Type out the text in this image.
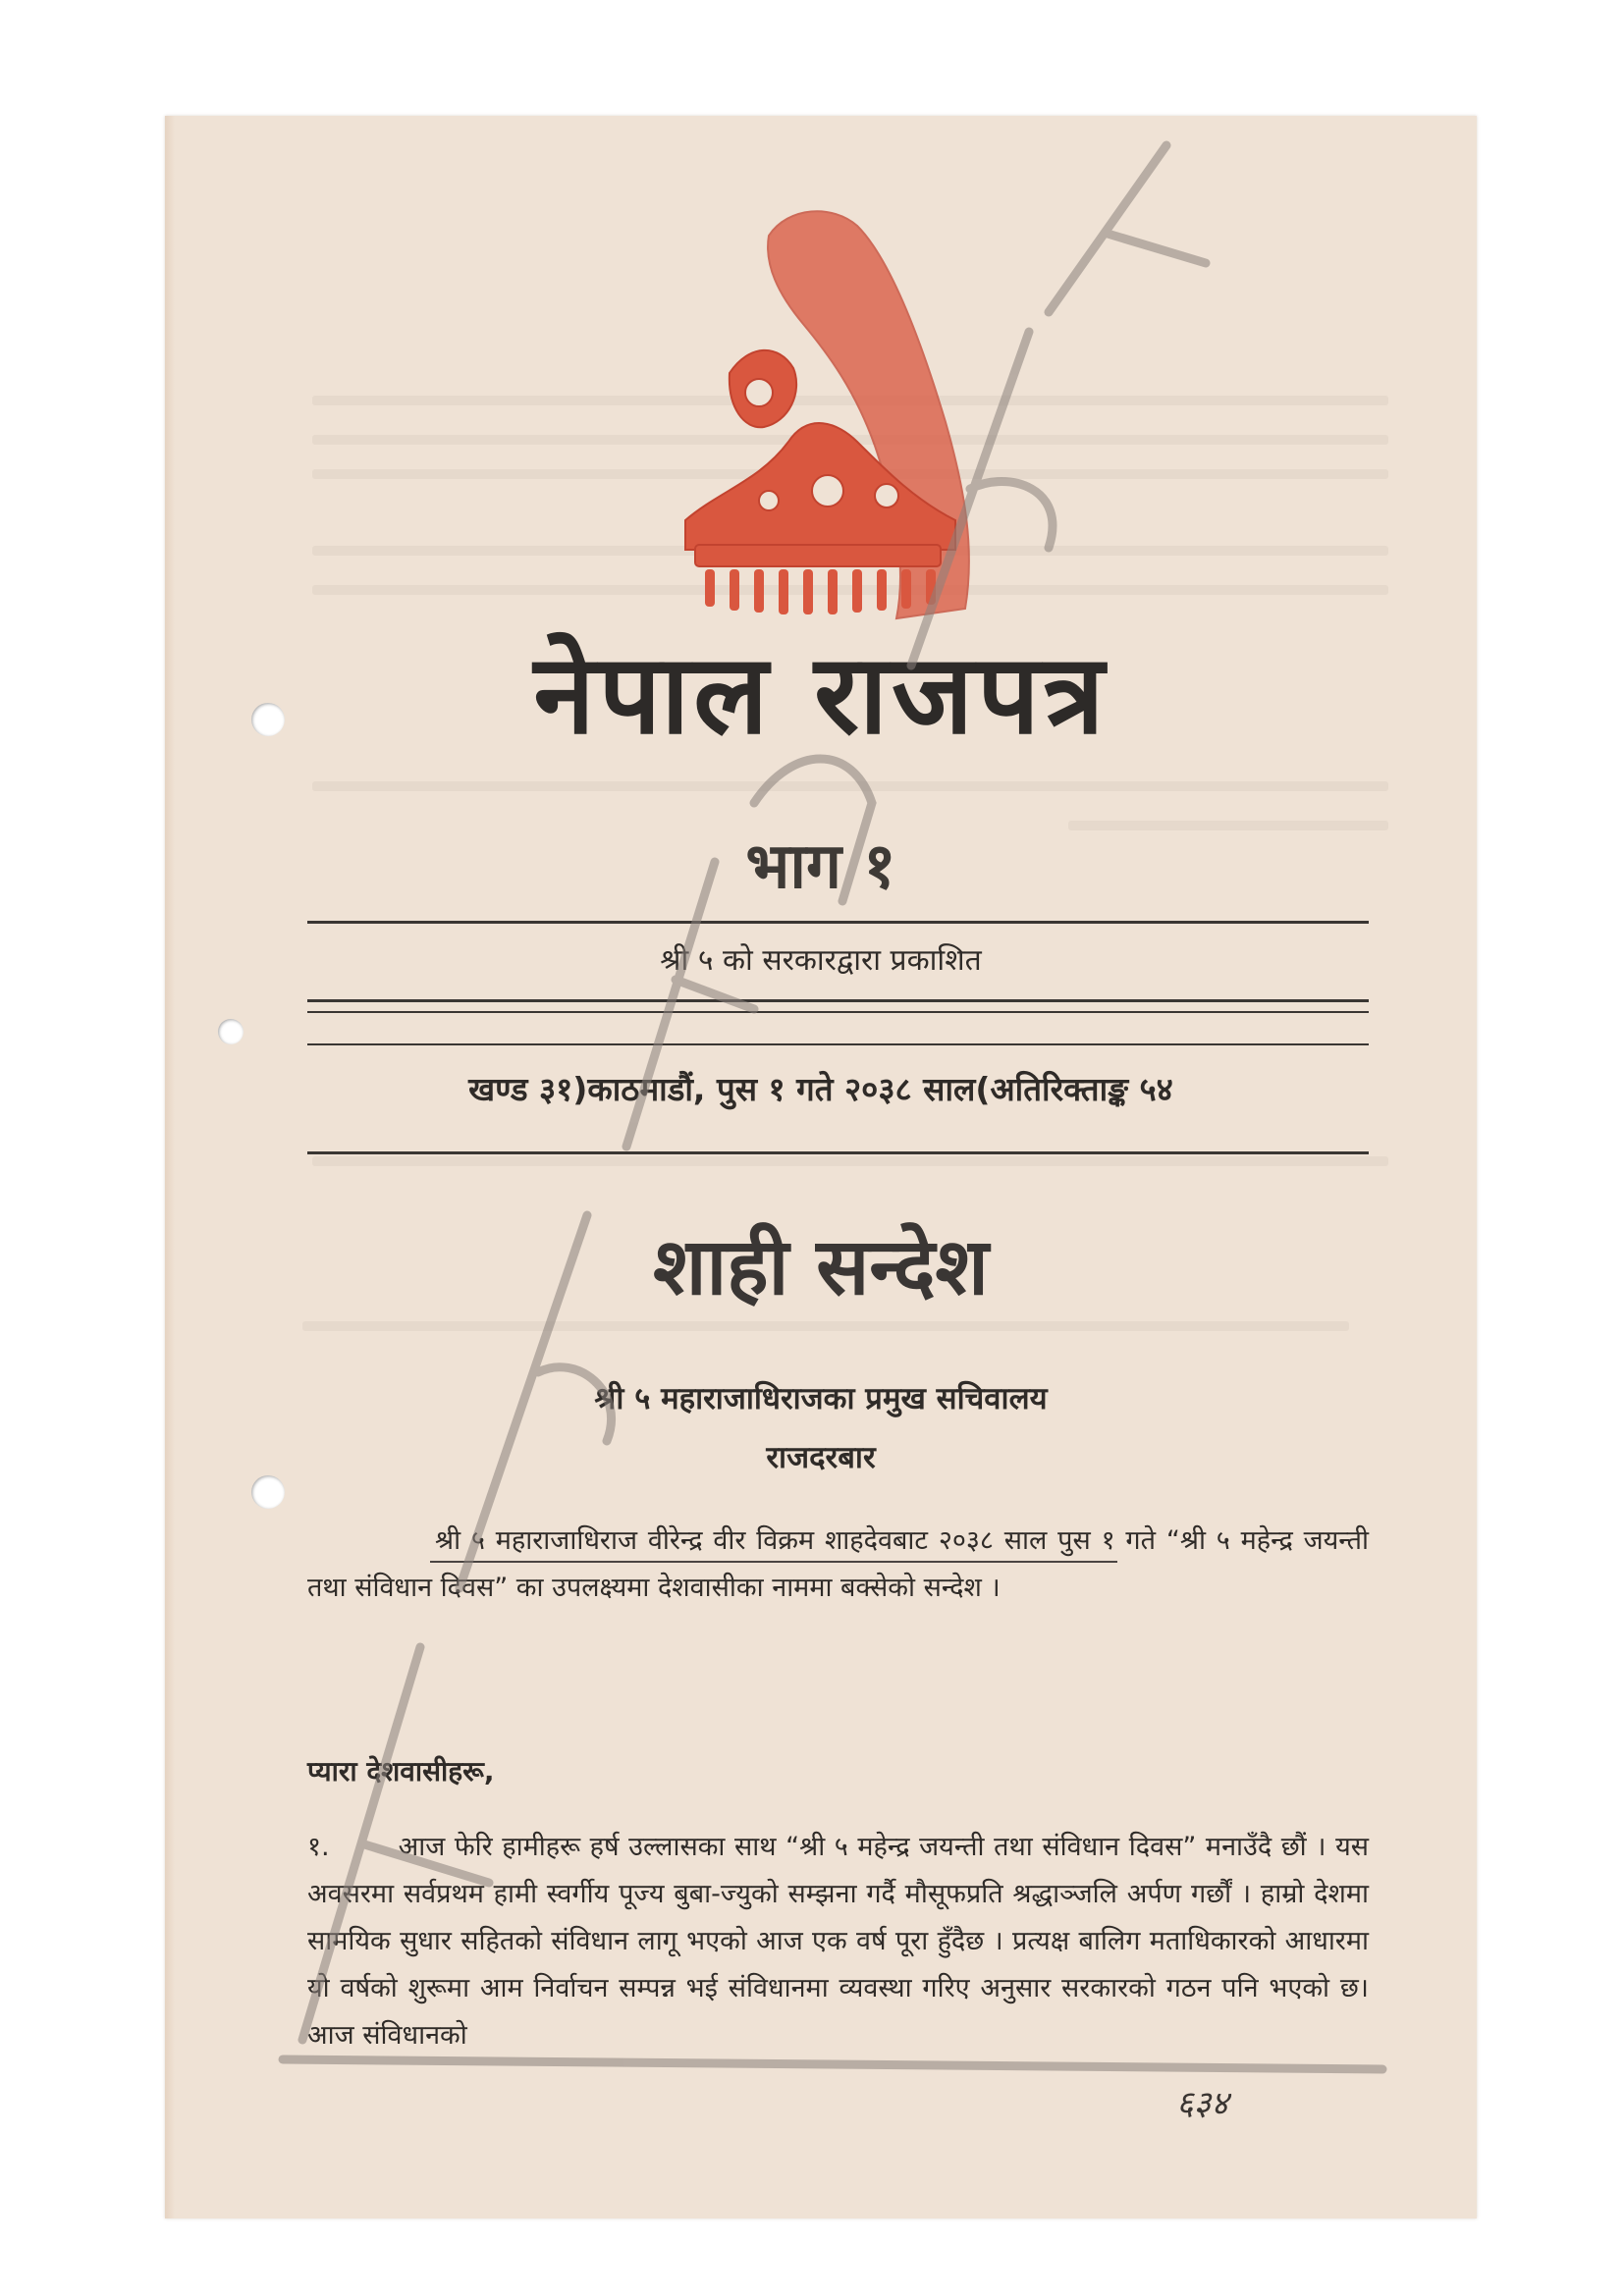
नेपाल राजपत्र
भाग १
श्री ५ को सरकारद्वारा प्रकाशित
खण्ड ३१)काठमाडौं, पुस १ गते २०३८ साल(अतिरिक्ताङ्क ५४
शाही सन्देश
श्री ५ महाराजाधिराजका प्रमुख सचिवालय
राजदरबार
श्री ५ महाराजाधिराज वीरेन्द्र वीर विक्रम शाहदेवबाट २०३८ साल पुस १ गते “श्री ५ महेन्द्र जयन्ती तथा संविधान दिवस” का उपलक्ष्यमा देशवासीका नाममा बक्सेको सन्देश ।
प्यारा देशवासीहरू,
१.	आज फेरि हामीहरू हर्ष उल्लासका साथ “श्री ५ महेन्द्र जयन्ती तथा संविधान दिवस” मनाउँदै छौं । यस अवसरमा सर्वप्रथम हामी स्वर्गीय पूज्य बुबा-ज्युको सम्झना गर्दै मौसूफप्रति श्रद्धाञ्जलि अर्पण गर्छौं । हाम्रो देशमा सामयिक सुधार सहितको संविधान लागू भएको आज एक वर्ष पूरा हुँदैछ । प्रत्यक्ष बालिग मताधिकारको आधारमा यो वर्षको शुरूमा आम निर्वाचन सम्पन्न भई संविधानमा व्यवस्था गरिए अनुसार सरकारको गठन पनि भएको छ। आज संविधानको
६३४
